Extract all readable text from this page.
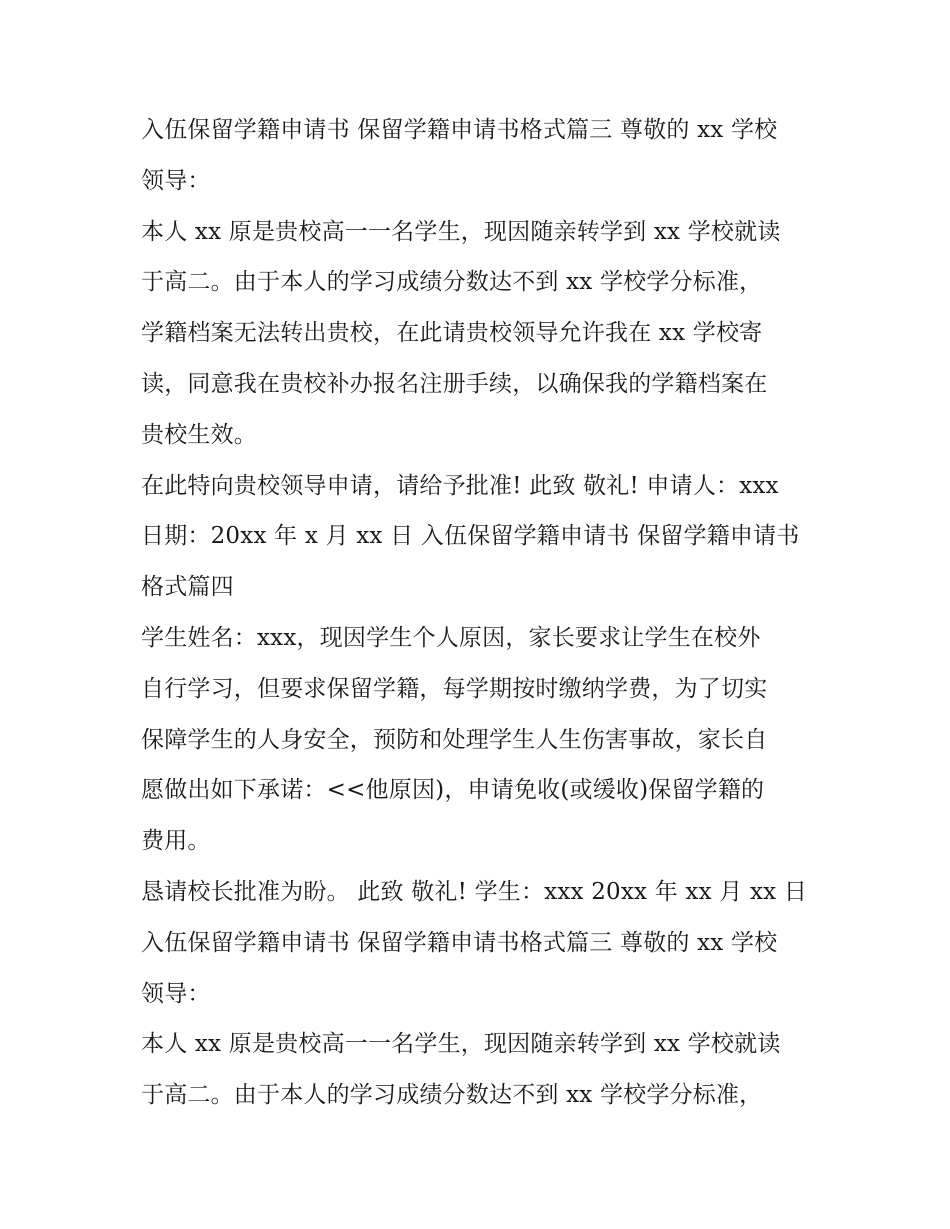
入伍保留学籍申请书 保留学籍申请书格式篇三 尊敬的 xx 学校
领导：
本人 xx 原是贵校高一一名学生，现因随亲转学到 xx 学校就读
于高二。由于本人的学习成绩分数达不到 xx 学校学分标准，
学籍档案无法转出贵校，在此请贵校领导允许我在 xx 学校寄
读，同意我在贵校补办报名注册手续，以确保我的学籍档案在
贵校生效。
在此特向贵校领导申请，请给予批准! 此致 敬礼! 申请人：xxx
日期：20xx 年 x 月 xx 日 入伍保留学籍申请书 保留学籍申请书
格式篇四
学生姓名：xxx，现因学生个人原因，家长要求让学生在校外
自行学习，但要求保留学籍，每学期按时缴纳学费，为了切实
保障学生的人身安全，预防和处理学生人生伤害事故，家长自
愿做出如下承诺：<<他原因)，申请免收(或缓收)保留学籍的
费用。
恳请校长批准为盼。 此致 敬礼! 学生：xxx 20xx 年 xx 月 xx 日
入伍保留学籍申请书 保留学籍申请书格式篇三 尊敬的 xx 学校
领导：
本人 xx 原是贵校高一一名学生，现因随亲转学到 xx 学校就读
于高二。由于本人的学习成绩分数达不到 xx 学校学分标准，
